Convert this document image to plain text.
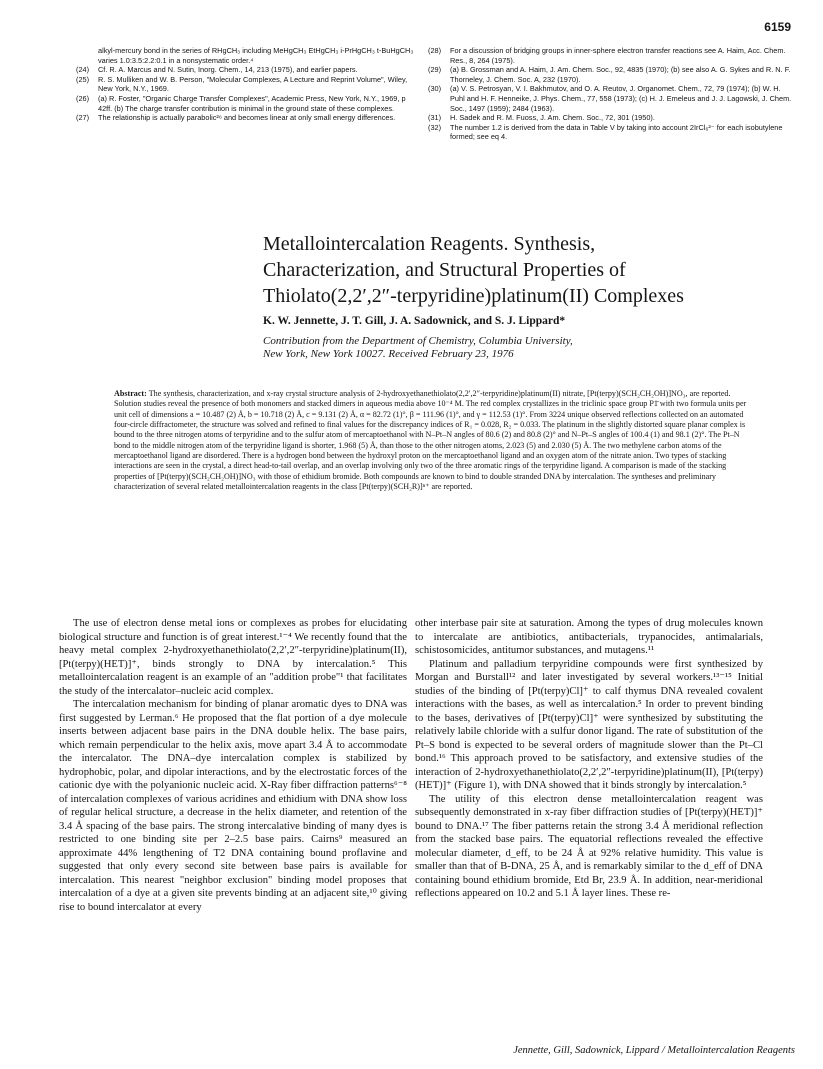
6159
alkyl-mercury bond in the series of RHgCH₃ including MeHgCH₃ EtHgCH₃ i-PrHgCH₃ t-BuHgCH₃ varies 1.0:3.5:2.2:0.1 in a nonsystematic order.⁴
(24) Cf. R. A. Marcus and N. Sutin, Inorg. Chem., 14, 213 (1975), and earlier papers.
(25) R. S. Mulliken and W. B. Person, "Molecular Complexes, A Lecture and Reprint Volume", Wiley, New York, N.Y., 1969.
(26) (a) R. Foster, "Organic Charge Transfer Complexes", Academic Press, New York, N.Y., 1969, p 42ff. (b) The charge transfer contribution is minimal in the ground state of these complexes.
(27) The relationship is actually parabolic²⁶ and becomes linear at only small energy differences.
(28) For a discussion of bridging groups in inner-sphere electron transfer reactions see A. Haim, Acc. Chem. Res., 8, 264 (1975).
(29) (a) B. Grossman and A. Haim, J. Am. Chem. Soc., 92, 4835 (1970); (b) see also A. G. Sykes and R. N. F. Thorneley, J. Chem. Soc. A, 232 (1970).
(30) (a) V. S. Petrosyan, V. I. Bakhmutov, and O. A. Reutov, J. Organomet. Chem., 72, 79 (1974); (b) W. H. Puhl and H. F. Henneike, J. Phys. Chem., 77, 558 (1973); (c) H. J. Emeleus and J. J. Lagowski, J. Chem. Soc., 1497 (1959); 2484 (1963).
(31) H. Sadek and R. M. Fuoss, J. Am. Chem. Soc., 72, 301 (1950).
(32) The number 1.2 is derived from the data in Table V by taking into account 2IrCl₆²⁻ for each isobutylene formed; see eq 4.
Metallointercalation Reagents. Synthesis,
Characterization, and Structural Properties of
Thiolato(2,2′,2″-terpyridine)platinum(II) Complexes
K. W. Jennette, J. T. Gill, J. A. Sadownick, and S. J. Lippard*
Contribution from the Department of Chemistry, Columbia University,
New York, New York 10027. Received February 23, 1976
Abstract: The synthesis, characterization, and x-ray crystal structure analysis of 2-hydroxyethanethiolato(2,2′,2″-terpyridine)platinum(II) nitrate, [Pt(terpy)(SCH₂CH₂OH)]NO₃, are reported. Solution studies reveal the presence of both monomers and stacked dimers in aqueous media above 10⁻⁴ M. The red complex crystallizes in the triclinic space group P1̄ with two formula units per unit cell of dimensions a = 10.487 (2) Å, b = 10.718 (2) Å, c = 9.131 (2) Å, α = 82.72 (1)°, β = 111.96 (1)°, and γ = 112.53 (1)°. From 3224 unique observed reflections collected on an automated four-circle diffractometer, the structure was solved and refined to final values for the discrepancy indices of R₁ = 0.028, R₂ = 0.033. The platinum in the slightly distorted square planar complex is bound to the three nitrogen atoms of terpyridine and to the sulfur atom of mercaptoethanol with N–Pt–N angles of 80.6 (2) and 80.8 (2)° and N–Pt–S angles of 100.4 (1) and 98.1 (2)°. The Pt–N bond to the middle nitrogen atom of the terpyridine ligand is shorter, 1.968 (5) Å, than those to the other nitrogen atoms, 2.023 (5) and 2.030 (5) Å. The two methylene carbon atoms of the mercaptoethanol ligand are disordered. There is a hydrogen bond between the hydroxyl proton on the mercaptoethanol ligand and an oxygen atom of the nitrate anion. Two types of stacking interactions are seen in the crystal, a direct head-to-tail overlap, and an overlap involving only two of the three aromatic rings of the terpyridine ligand. A comparison is made of the stacking properties of [Pt(terpy)(SCH₂CH₂OH)]NO₃ with those of ethidium bromide. Both compounds are known to bind to double stranded DNA by intercalation. The syntheses and preliminary characterization of several related metallointercalation reagents in the class [Pt(terpy)(SCH₂R)]ⁿ⁺ are reported.

The use of electron dense metal ions or complexes as probes for elucidating biological structure and function is of great interest.¹⁻⁴ We recently found that the heavy metal complex 2-hydroxyethanethiolato(2,2′,2″-terpyridine)platinum(II), [Pt(terpy)(HET)]⁺, binds strongly to DNA by intercalation.⁵ This metallointercalation reagent is an example of an "addition probe"¹ that facilitates the study of the intercalator–nucleic acid complex.

The intercalation mechanism for binding of planar aromatic dyes to DNA was first suggested by Lerman.⁶ He proposed that the flat portion of a dye molecule inserts between adjacent base pairs in the DNA double helix. The base pairs, which remain perpendicular to the helix axis, move apart 3.4 Å to accommodate the intercalator. The DNA–dye intercalation complex is stabilized by hydrophobic, polar, and dipolar interactions, and by the electrostatic forces of the cationic dye with the polyanionic nucleic acid. X-Ray fiber diffraction patterns⁶⁻⁸ of intercalation complexes of various acridines and ethidium with DNA show loss of regular helical structure, a decrease in the helix diameter, and retention of the 3.4 Å spacing of the base pairs. The strong intercalative binding of many dyes is restricted to one binding site per 2–2.5 base pairs. Cairns⁹ measured an approximate 44% lengthening of T2 DNA containing bound proflavine and suggested that only every second site between base pairs is available for intercalation. This nearest "neighbor exclusion" binding model proposes that intercalation of a dye at a given site prevents binding at an adjacent site,¹⁰ giving rise to bound intercalator at every

other interbase pair site at saturation. Among the types of drug molecules known to intercalate are antibiotics, antibacterials, trypanocides, antimalarials, schistosomicides, antitumor substances, and mutagens.¹¹

Platinum and palladium terpyridine compounds were first synthesized by Morgan and Burstall¹² and later investigated by several workers.¹³⁻¹⁵ Initial studies of the binding of [Pt(terpy)Cl]⁺ to calf thymus DNA revealed covalent interactions with the bases, as well as intercalation.⁵ In order to prevent binding to the bases, derivatives of [Pt(terpy)Cl]⁺ were synthesized by substituting the relatively labile chloride with a sulfur donor ligand. The rate of substitution of the Pt–S bond is expected to be several orders of magnitude slower than the Pt–Cl bond.¹⁶ This approach proved to be satisfactory, and extensive studies of the interaction of 2-hydroxyethanethiolato(2,2′,2″-terpyridine)platinum(II), [Pt(terpy)(HET)]⁺ (Figure 1), with DNA showed that it binds strongly by intercalation.⁵

The utility of this electron dense metallointercalation reagent was subsequently demonstrated in x-ray fiber diffraction studies of [Pt(terpy)(HET)]⁺ bound to DNA.¹⁷ The fiber patterns retain the strong 3.4 Å meridional reflection from the stacked base pairs. The equatorial reflections revealed the effective molecular diameter, d_eff, to be 24 Å at 92% relative humidity. This value is smaller than that of B-DNA, 25 Å, and is remarkably similar to the d_eff of DNA containing bound ethidium bromide, Etd Br, 23.9 Å. In addition, near-meridional reflections appeared on 10.2 and 5.1 Å layer lines. These re-

Jennette, Gill, Sadownick, Lippard / Metallointercalation Reagents
